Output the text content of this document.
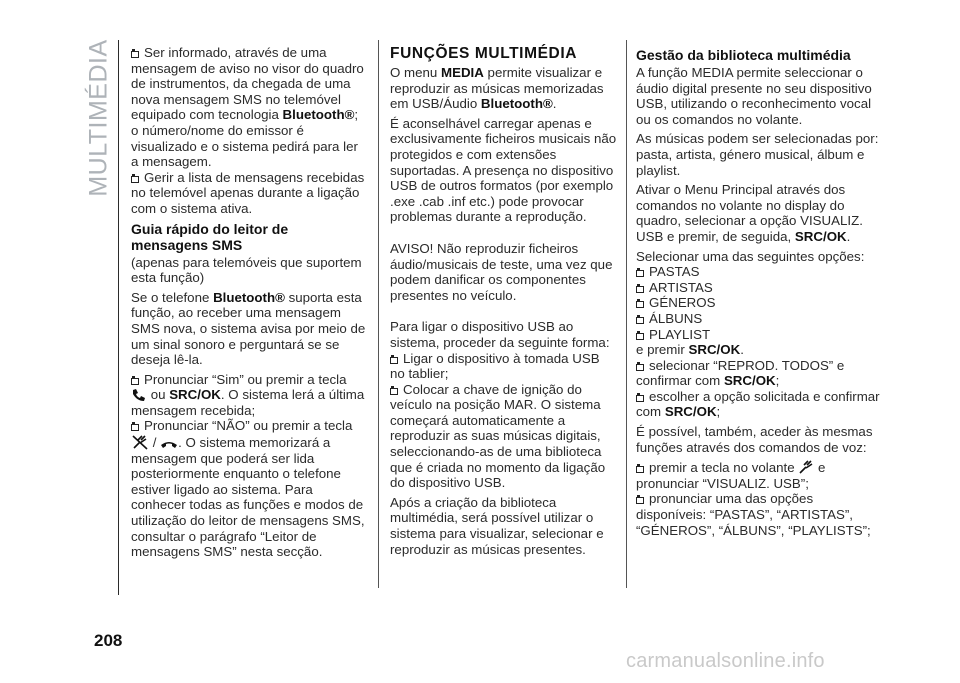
MULTIMÉDIA	Ser informado, através de uma mensagem de aviso no visor do quadro de instrumentos, da chegada de uma nova mensagem SMS no telemóvel equipado com tecnologia Bluetooth®; o número/nome do emissor é visualizado e o sistema pedirá para ler a mensagem.

Gerir a lista de mensagens recebidas no telemóvel apenas durante a ligação com o sistema ativa.

Guia rápido do leitor de mensagens SMS

(apenas para telemóveis que suportem esta função)

Se o telefone Bluetooth® suporta esta função, ao receber uma mensagem SMS nova, o sistema avisa por meio de um sinal sonoro e perguntará se se deseja lê-la.

Pronunciar “Sim” ou premir a tecla

ou SRC/OK. O sistema lerá a última mensagem recebida;

Pronunciar “NÃO” ou premir a tecla

/ . O sistema memorizará a mensagem que poderá ser lida posteriormente enquanto o telefone estiver ligado ao sistema. Para conhecer todas as funções e modos de utilização do leitor de mensagens SMS, consultar o parágrafo “Leitor de mensagens SMS” nesta secção.

FUNÇÕES MULTIMÉDIA

O menu MEDIA permite visualizar e reproduzir as músicas memorizadas em USB/Áudio Bluetooth®.

É aconselhável carregar apenas e exclusivamente ficheiros musicais não protegidos e com extensões suportadas. A presença no dispositivo USB de outros formatos (por exemplo .exe .cab .inf etc.) pode provocar problemas durante a reprodução.

AVISO! Não reproduzir ficheiros áudio/musicais de teste, uma vez que podem danificar os componentes presentes no veículo.

Para ligar o dispositivo USB ao sistema, proceder da seguinte forma:

Ligar o dispositivo à tomada USB no tablier;

Colocar a chave de ignição do veículo na posição MAR. O sistema começará automaticamente a reproduzir as suas músicas digitais, seleccionando-as de uma biblioteca que é criada no momento da ligação do dispositivo USB.

Após a criação da biblioteca multimédia, será possível utilizar o sistema para visualizar, selecionar e reproduzir as músicas presentes.

Gestão da biblioteca multimédia

A função MEDIA permite seleccionar o áudio digital presente no seu dispositivo USB, utilizando o reconhecimento vocal ou os comandos no volante.

As músicas podem ser selecionadas por: pasta, artista, género musical, álbum e playlist.

Ativar o Menu Principal através dos comandos no volante no display do quadro, selecionar a opção VISUALIZ. USB e premir, de seguida, SRC/OK.

Selecionar uma das seguintes opções:

PASTAS

ARTISTAS

GÉNEROS

ÁLBUNS

PLAYLIST

e premir SRC/OK.

selecionar “REPROD. TODOS” e confirmar com SRC/OK;

escolher a opção solicitada e confirmar com SRC/OK;

É possível, também, aceder às mesmas funções através dos comandos de voz:

premir a tecla no volante  e pronunciar “VISUALIZ. USB”;

pronunciar uma das opções disponíveis: “PASTAS”, “ARTISTAS”, “GÉNEROS”, “ÁLBUNS”, “PLAYLISTS”;

208
carmanualsonline.info
